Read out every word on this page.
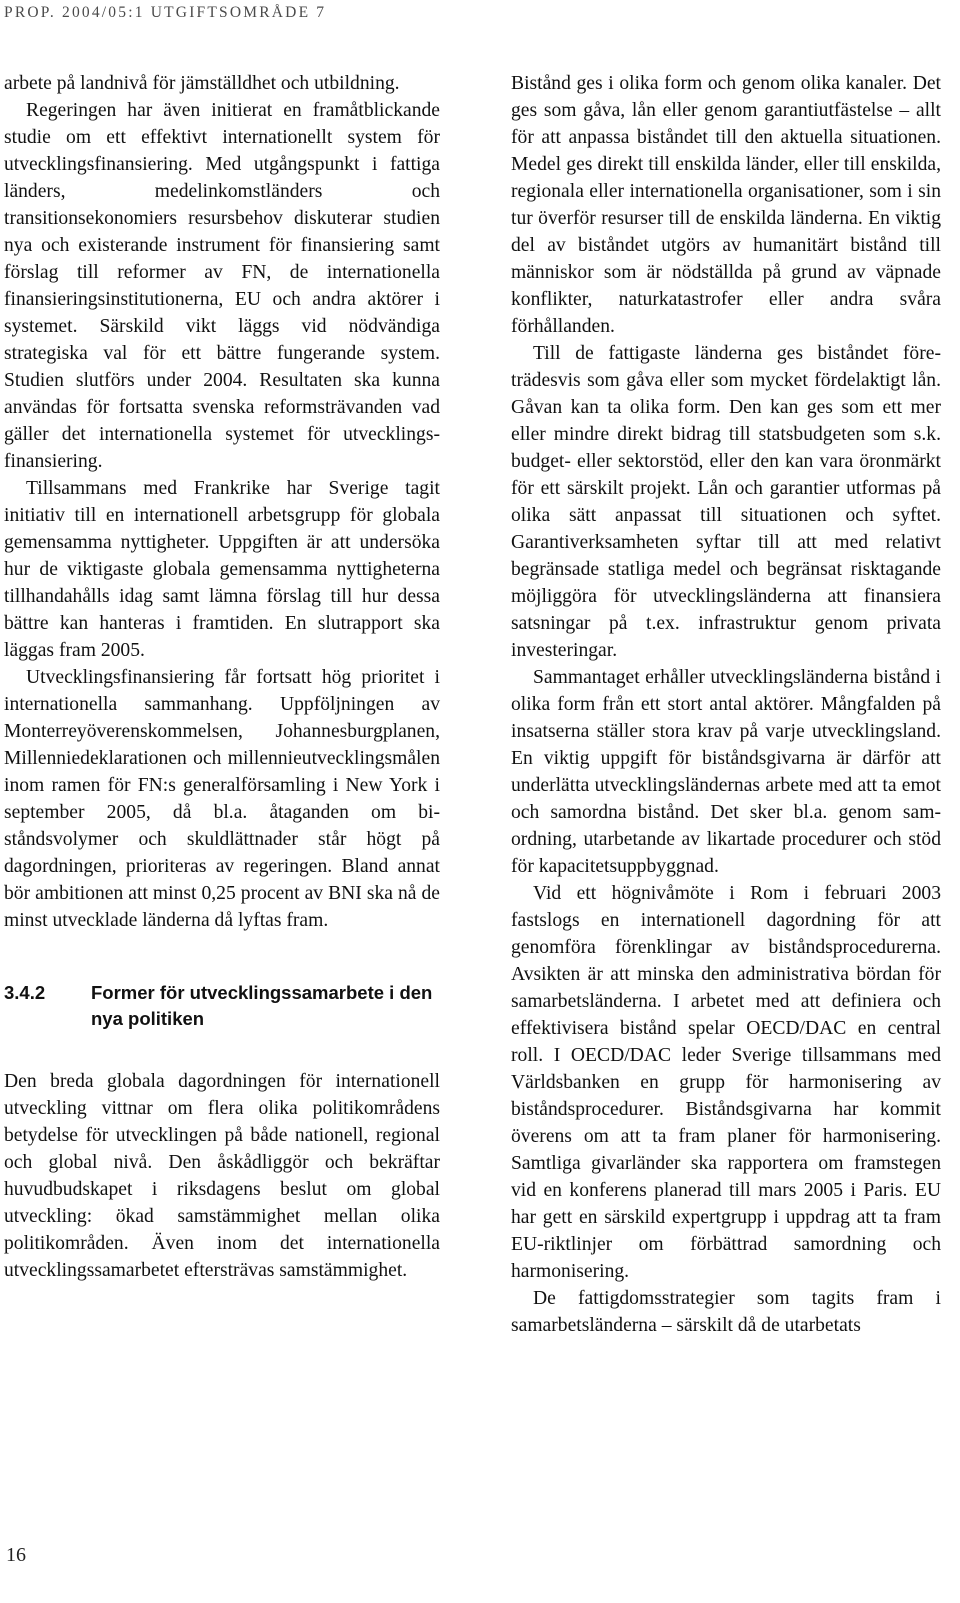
PROP. 2004/05:1 UTGIFTSOMRÅDE 7

arbete på landnivå för jämställdhet och utbildning.

Regeringen har även initierat en framåtblickande studie om ett effektivt internationellt system för utvecklingsfinansiering. Med utgångspunkt i fattiga länders, medelinkomstländers och transitionsekonomiers resursbehov diskuterar studien nya och existerande instrument för finansiering samt förslag till reformer av FN, de internationella finansieringsinstitutionerna, EU och andra aktörer i systemet. Särskild vikt läggs vid nödvändiga strategiska val för ett bättre fungerande system. Studien slutförs under 2004. Resultaten ska kunna användas för fortsatta svenska reformsträvanden vad gäller det internationella systemet för utvecklingsfinansiering.

Tillsammans med Frankrike har Sverige tagit initiativ till en internationell arbetsgrupp för globala gemensamma nyttigheter. Uppgiften är att undersöka hur de viktigaste globala gemensamma nyttigheterna tillhandahålls idag samt lämna förslag till hur dessa bättre kan hanteras i framtiden. En slutrapport ska läggas fram 2005.

Utvecklingsfinansiering får fortsatt hög prioritet i internationella sammanhang. Uppföljningen av Monterreyöverenskommelsen, Johannesburgplanen, Millenniedeklarationen och millennieutvecklingsmålen inom ramen för FN:s generalförsamling i New York i september 2005, då bl.a. åtaganden om biståndsvolymer och skuldlättnader står högt på dagordningen, prioriteras av regeringen. Bland annat bör ambitionen att minst 0,25 procent av BNI ska nå de minst utvecklade länderna då lyftas fram.

3.4.2	Former för utvecklingssamarbete i den nya politiken

Den breda globala dagordningen för internationell utveckling vittnar om flera olika politikområdens betydelse för utvecklingen på både nationell, regional och global nivå. Den åskådliggör och bekräftar huvudbudskapet i riksdagens beslut om global utveckling: ökad samstämmighet mellan olika politikområden. Även inom det internationella utvecklingssamarbetet eftersträvas samstämmighet.

Bistånd ges i olika form och genom olika kanaler. Det ges som gåva, lån eller genom garantiutfästelse – allt för att anpassa biståndet till den aktuella situationen. Medel ges direkt till enskilda länder, eller till enskilda, regionala eller internationella organisationer, som i sin tur överför resurser till de enskilda länderna. En viktig del av biståndet utgörs av humanitärt bistånd till människor som är nödställda på grund av väpnade konflikter, naturkatastrofer eller andra svåra förhållanden.

Till de fattigaste länderna ges biståndet företrädesvis som gåva eller som mycket fördelaktigt lån. Gåvan kan ta olika form. Den kan ges som ett mer eller mindre direkt bidrag till statsbudgeten som s.k. budget- eller sektorstöd, eller den kan vara öronmärkt för ett särskilt projekt. Lån och garantier utformas på olika sätt anpassat till situationen och syftet. Garantiverksamheten syftar till att med relativt begränsade statliga medel och begränsat risktagande möjliggöra för utvecklingsländerna att finansiera satsningar på t.ex. infrastruktur genom privata investeringar.

Sammantaget erhåller utvecklingsländerna bistånd i olika form från ett stort antal aktörer. Mångfalden på insatserna ställer stora krav på varje utvecklingsland. En viktig uppgift för biståndsgivarna är därför att underlätta utvecklingsländernas arbete med att ta emot och samordna bistånd. Det sker bl.a. genom samordning, utarbetande av likartade procedurer och stöd för kapacitetsuppbyggnad.

Vid ett högnivåmöte i Rom i februari 2003 fastslogs en internationell dagordning för att genomföra förenklingar av biståndsprocedurerna. Avsikten är att minska den administrativa bördan för samarbetsländerna. I arbetet med att definiera och effektivisera bistånd spelar OECD/DAC en central roll. I OECD/DAC leder Sverige tillsammans med Världsbanken en grupp för harmonisering av biståndsprocedurer. Biståndsgivarna har kommit överens om att ta fram planer för harmonisering. Samtliga givarländer ska rapportera om framstegen vid en konferens planerad till mars 2005 i Paris. EU har gett en särskild expertgrupp i uppdrag att ta fram EU-riktlinjer om förbättrad samordning och harmonisering.

De fattigdomsstrategier som tagits fram i samarbetsländerna – särskilt då de utarbetats

16
